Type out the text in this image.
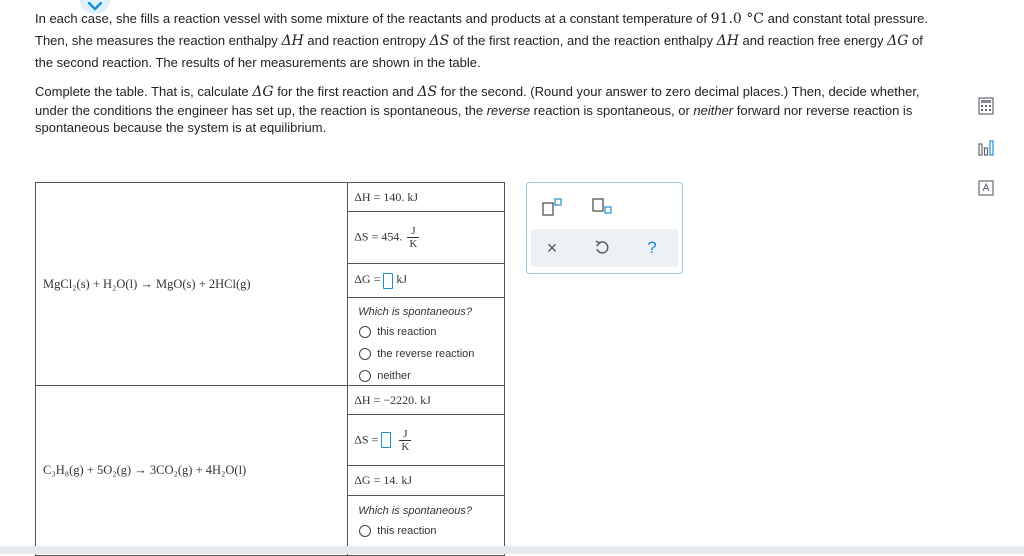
In each case, she fills a reaction vessel with some mixture of the reactants and products at a constant temperature of 91.0 °C and constant total pressure. Then, she measures the reaction enthalpy ΔH and reaction entropy ΔS of the first reaction, and the reaction enthalpy ΔH and reaction free energy ΔG of the second reaction. The results of her measurements are shown in the table.
Complete the table. That is, calculate ΔG for the first reaction and ΔS for the second. (Round your answer to zero decimal places.) Then, decide whether, under the conditions the engineer has set up, the reaction is spontaneous, the reverse reaction is spontaneous, or neither forward nor reverse reaction is spontaneous because the system is at equilibrium.
MgCl₂(s) + H₂O(l) → MgO(s) + 2HCl(g)	ΔH = 140. kJ
	ΔS = 454. $\frac{J}{K}$

	ΔG = kJ

	Which is spontaneous?
this reaction
the reverse reaction
neither

C₃H₈(g) + 5O₂(g) → 3CO₂(g) + 4H₂O(l)	ΔH = −2220. kJ
	$\Delta S = \frac{J}{K}$

	ΔG = 14. kJ

	Which is spontaneous?
this reaction
×	?
